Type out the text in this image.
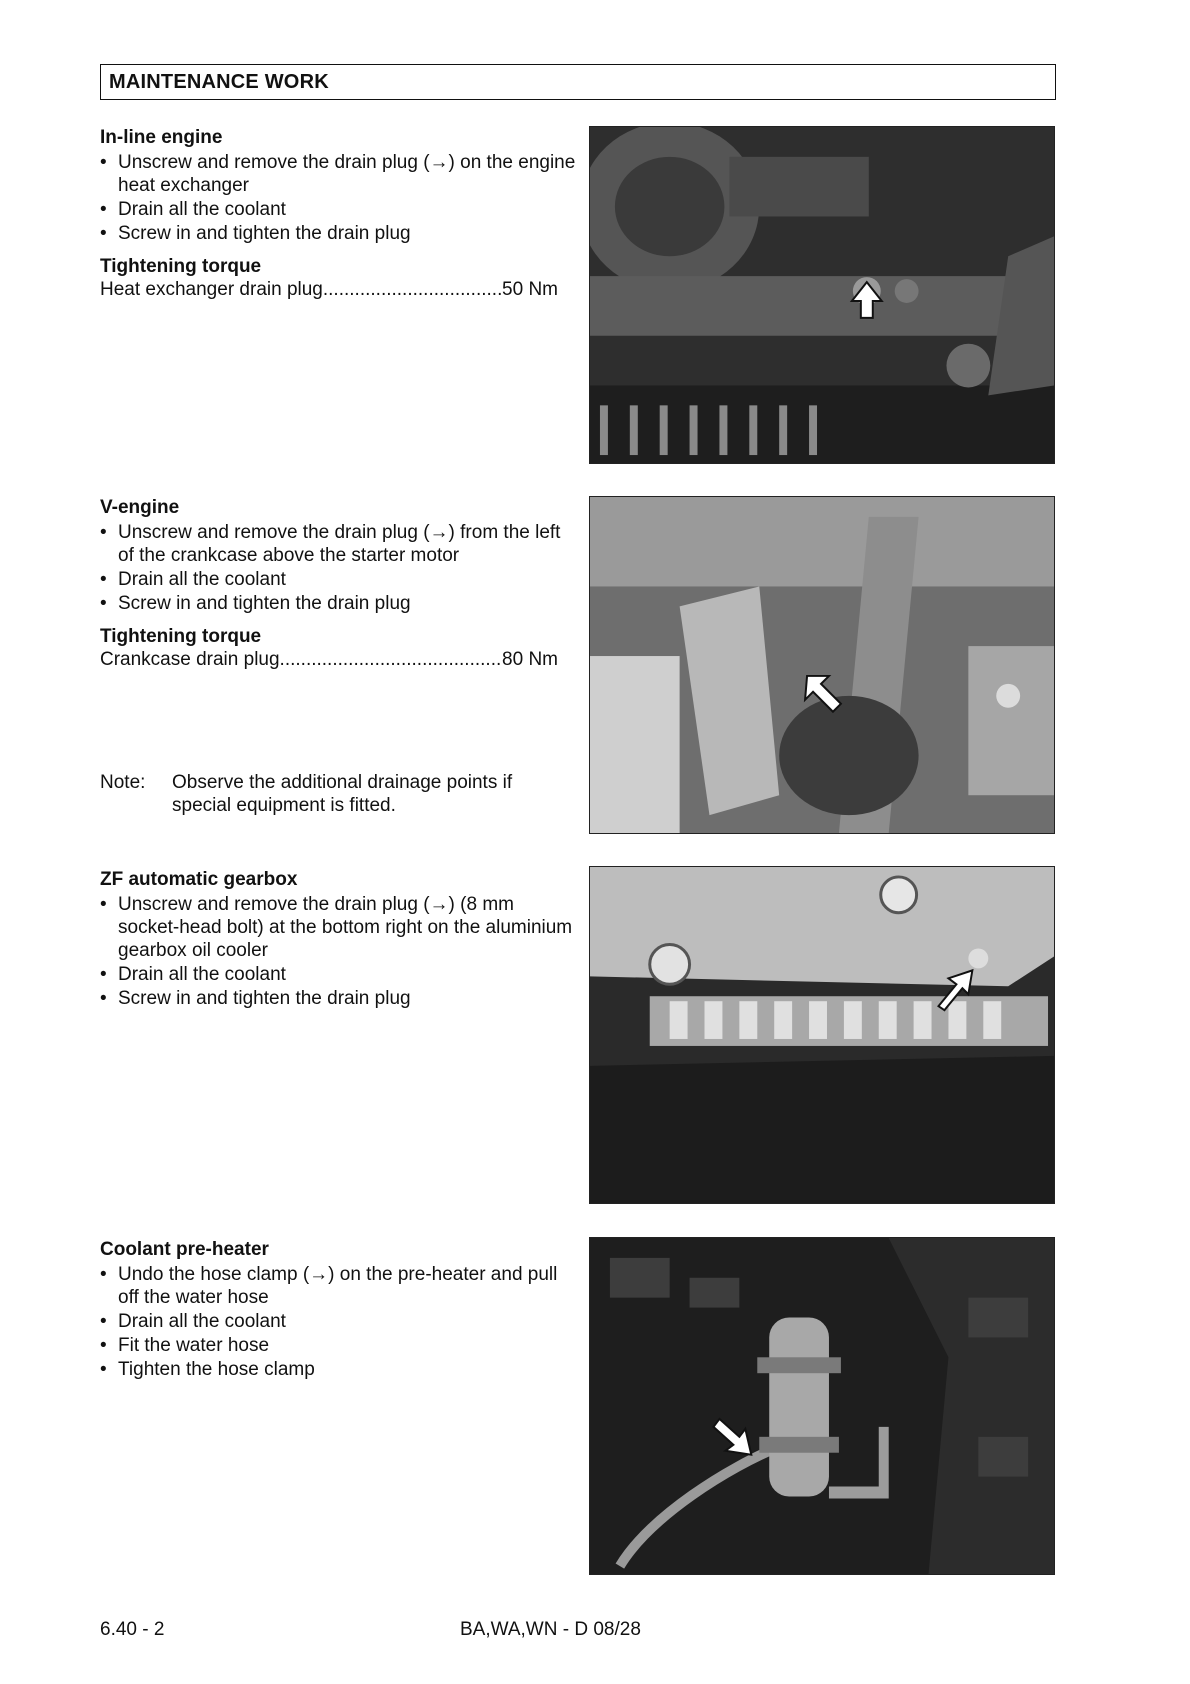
MAINTENANCE WORK
In-line engine
• Unscrew and remove the drain plug (→) on the engine heat exchanger
• Drain all the coolant
• Screw in and tighten the drain plug
Tightening torque
Heat exchanger drain plug .....	50 Nm
V-engine
• Unscrew and remove the drain plug (→) from the left of the crankcase above the starter motor
• Drain all the coolant
• Screw in and tighten the drain plug
Tightening torque
Crankcase drain plug .....	80 Nm
Note:	Observe the additional drainage points if special equipment is fitted.
ZF automatic gearbox
• Unscrew and remove the drain plug (→) (8 mm socket-head bolt) at the bottom right on the aluminium gearbox oil cooler
• Drain all the coolant
• Screw in and tighten the drain plug
Coolant pre-heater
• Undo the hose clamp (→) on the pre-heater and pull off the water hose
• Drain all the coolant
• Fit the water hose
• Tighten the hose clamp
6.40 - 2	BA,WA,WN - D 08/28
